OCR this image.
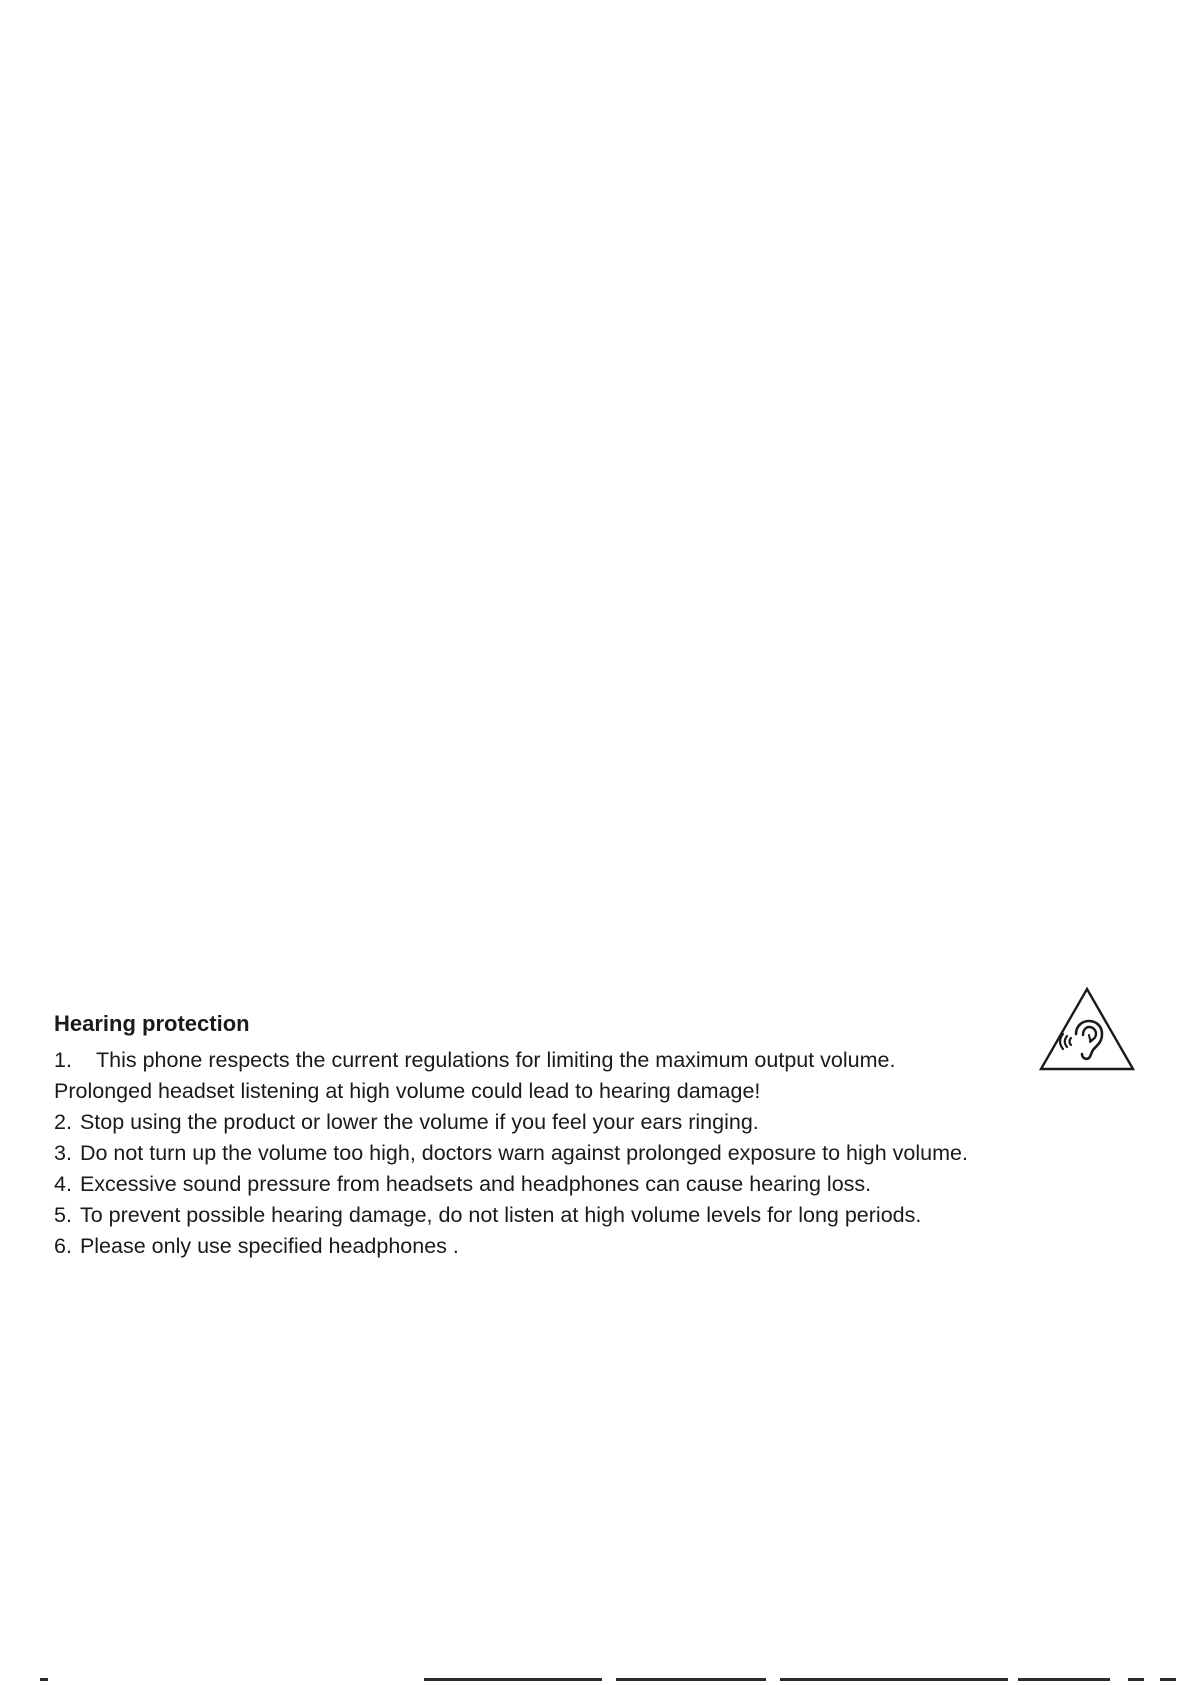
Hearing protection
1. This phone respects the current regulations for limiting the maximum output volume.
Prolonged headset listening at high volume could lead to hearing damage!
2. Stop using the product or lower the volume if you feel your ears ringing.
3. Do not turn up the volume too high, doctors warn against prolonged exposure to high volume.
4. Excessive sound pressure from headsets and headphones can cause hearing loss.
5. To prevent possible hearing damage, do not listen at high volume levels for long periods.
6. Please only use specified headphones .
